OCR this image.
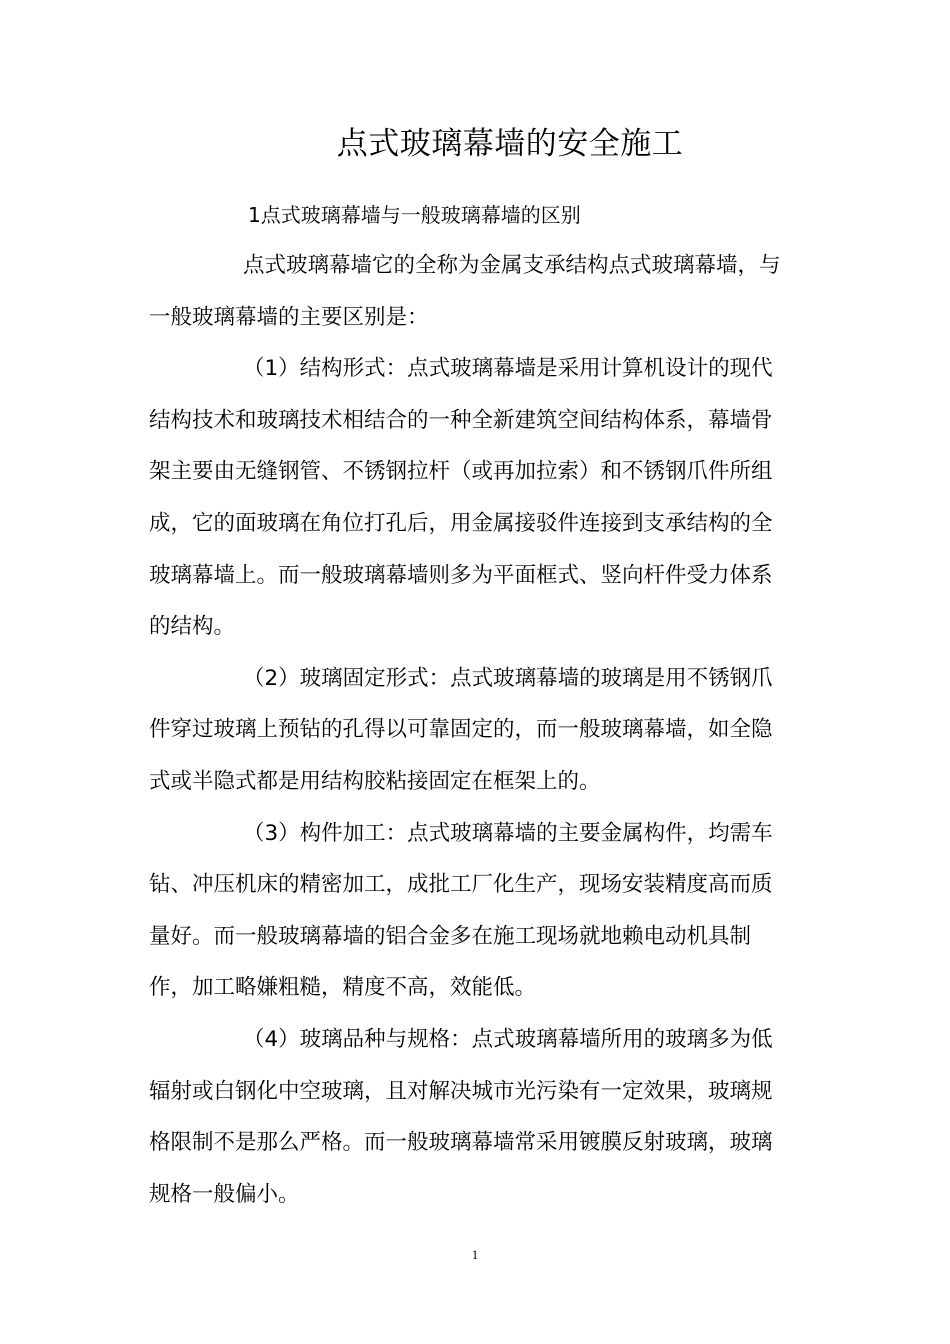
点式玻璃幕墙的安全施工
1点式玻璃幕墙与一般玻璃幕墙的区别
点式玻璃幕墙它的全称为金属支承结构点式玻璃幕墙，与
一般玻璃幕墙的主要区别是：
（1）结构形式：点式玻璃幕墙是采用计算机设计的现代
结构技术和玻璃技术相结合的一种全新建筑空间结构体系，幕墙骨
架主要由无缝钢管、不锈钢拉杆（或再加拉索）和不锈钢爪件所组
成，它的面玻璃在角位打孔后，用金属接驳件连接到支承结构的全
玻璃幕墙上。而一般玻璃幕墙则多为平面框式、竖向杆件受力体系
的结构。
（2）玻璃固定形式：点式玻璃幕墙的玻璃是用不锈钢爪
件穿过玻璃上预钻的孔得以可靠固定的，而一般玻璃幕墙，如全隐
式或半隐式都是用结构胶粘接固定在框架上的。
（3）构件加工：点式玻璃幕墙的主要金属构件，均需车
钻、冲压机床的精密加工，成批工厂化生产，现场安装精度高而质
量好。而一般玻璃幕墙的铝合金多在施工现场就地赖电动机具制
作，加工略嫌粗糙，精度不高，效能低。
（4）玻璃品种与规格：点式玻璃幕墙所用的玻璃多为低
辐射或白钢化中空玻璃，且对解决城市光污染有一定效果，玻璃规
格限制不是那么严格。而一般玻璃幕墙常采用镀膜反射玻璃，玻璃
规格一般偏小。
1
